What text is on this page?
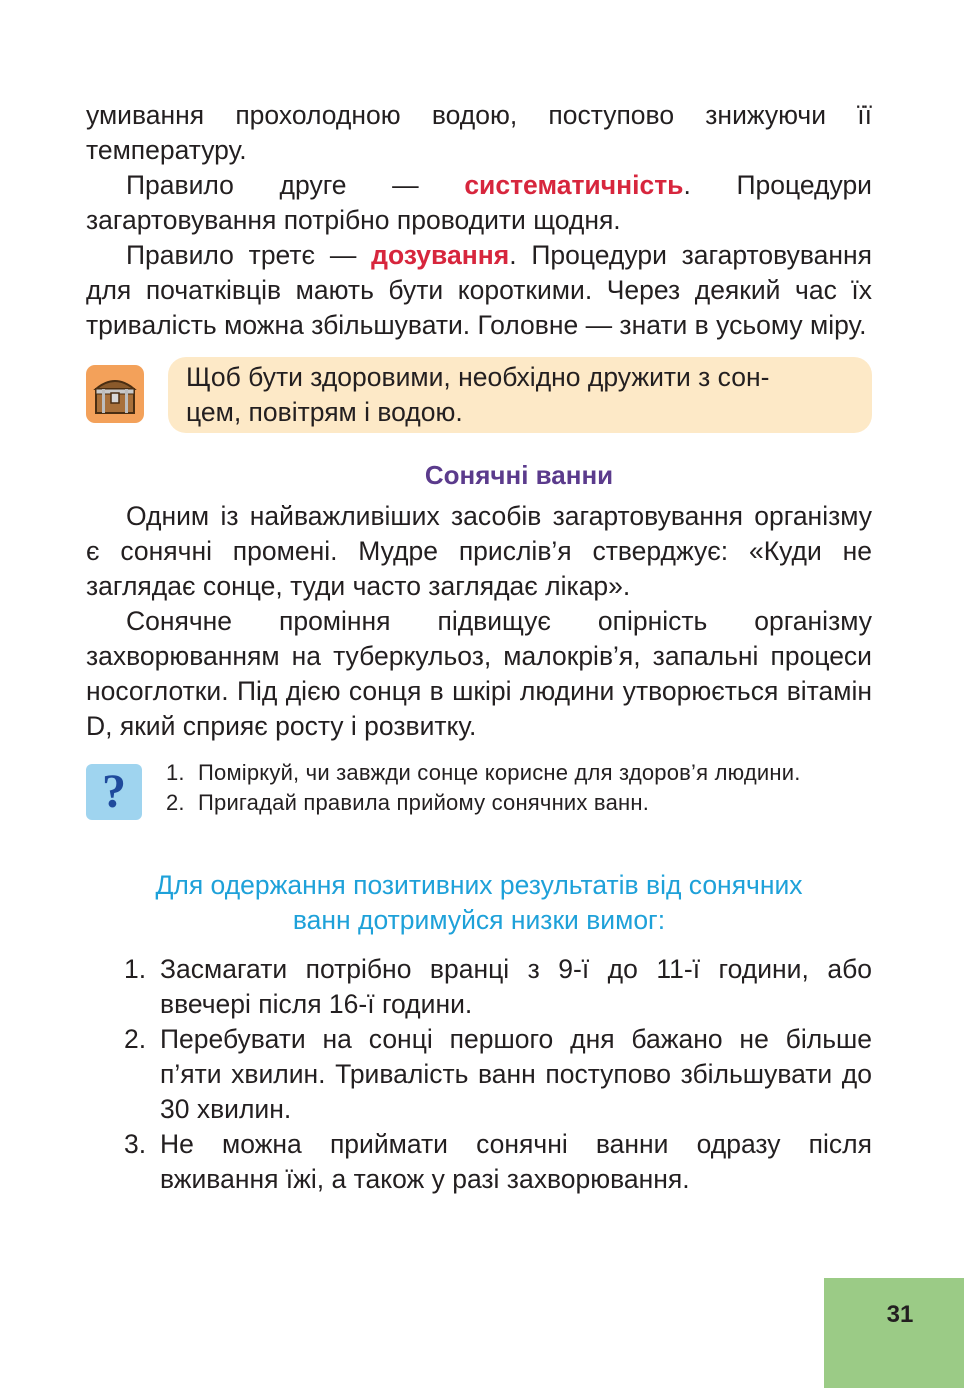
умивання прохолодною водою, поступово знижуючи її температуру.

Правило друге — систематичність. Процедури загартовування потрібно проводити щодня.

Правило третє — дозування. Процедури загартовування для початківців мають бути короткими. Через деякий час їх тривалість можна збільшувати. Головне — знати в усьому міру.

Щоб бути здоровими, необхідно дружити з сон-
цем, повітрям і водою.
Сонячні ванни

Одним із найважливіших засобів загартовування організму є сонячні промені. Мудре прислів’я стверджує: «Куди не заглядає сонце, туди часто заглядає лікар».

Сонячне проміння підвищує опірність організму захворюванням на туберкульоз, малокрів’я, запальні процеси носоглотки. Під дією сонця в шкірі людини утворюється вітамін D, який сприяє росту і розвитку.

?	1. Поміркуй, чи завжди сонце корисне для здоров’я людини.
2. Пригадай правила прийому сонячних ванн.
Для одержання позитивних результатів від сонячних
ванн дотримуйся низки вимог:
1. Засмагати потрібно вранці з 9-ї до 11-ї години, або ввечері після 16-ї години.
2. Перебувати на сонці першого дня бажано не більше п’яти хвилин. Тривалість ванн поступово збільшувати до 30 хвилин.
3. Не можна приймати сонячні ванни одразу після вживання їжі, а також у разі захворювання.
31
